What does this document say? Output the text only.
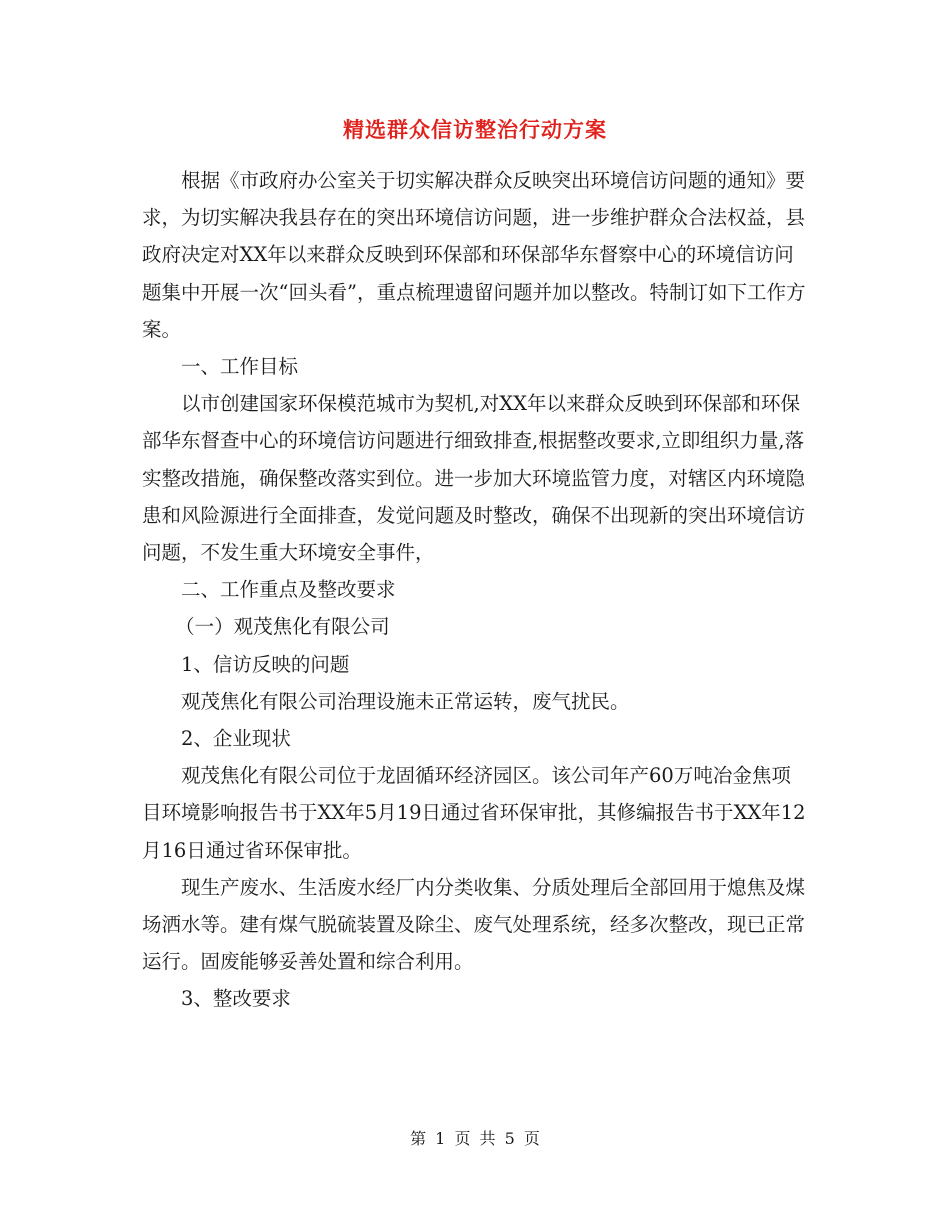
精选群众信访整治行动方案

根据《市政府办公室关于切实解决群众反映突出环境信访问题的通知》要求，为切实解决我县存在的突出环境信访问题，进一步维护群众合法权益，县政府决定对XX年以来群众反映到环保部和环保部华东督察中心的环境信访问题集中开展一次“回头看”，重点梳理遗留问题并加以整改。特制订如下工作方案。

一、工作目标

以市创建国家环保模范城市为契机,对XX年以来群众反映到环保部和环保部华东督查中心的环境信访问题进行细致排查,根据整改要求,立即组织力量,落实整改措施，确保整改落实到位。进一步加大环境监管力度，对辖区内环境隐患和风险源进行全面排查，发觉问题及时整改，确保不出现新的突出环境信访问题，不发生重大环境安全事件，

二、工作重点及整改要求

（一）观茂焦化有限公司

1、信访反映的问题

观茂焦化有限公司治理设施未正常运转，废气扰民。

2、企业现状

观茂焦化有限公司位于龙固循环经济园区。该公司年产60万吨冶金焦项目环境影响报告书于XX年5月19日通过省环保审批，其修编报告书于XX年12月16日通过省环保审批。

现生产废水、生活废水经厂内分类收集、分质处理后全部回用于熄焦及煤场洒水等。建有煤气脱硫装置及除尘、废气处理系统，经多次整改，现已正常运行。固废能够妥善处置和综合利用。

3、整改要求

第 1 页 共 5 页
